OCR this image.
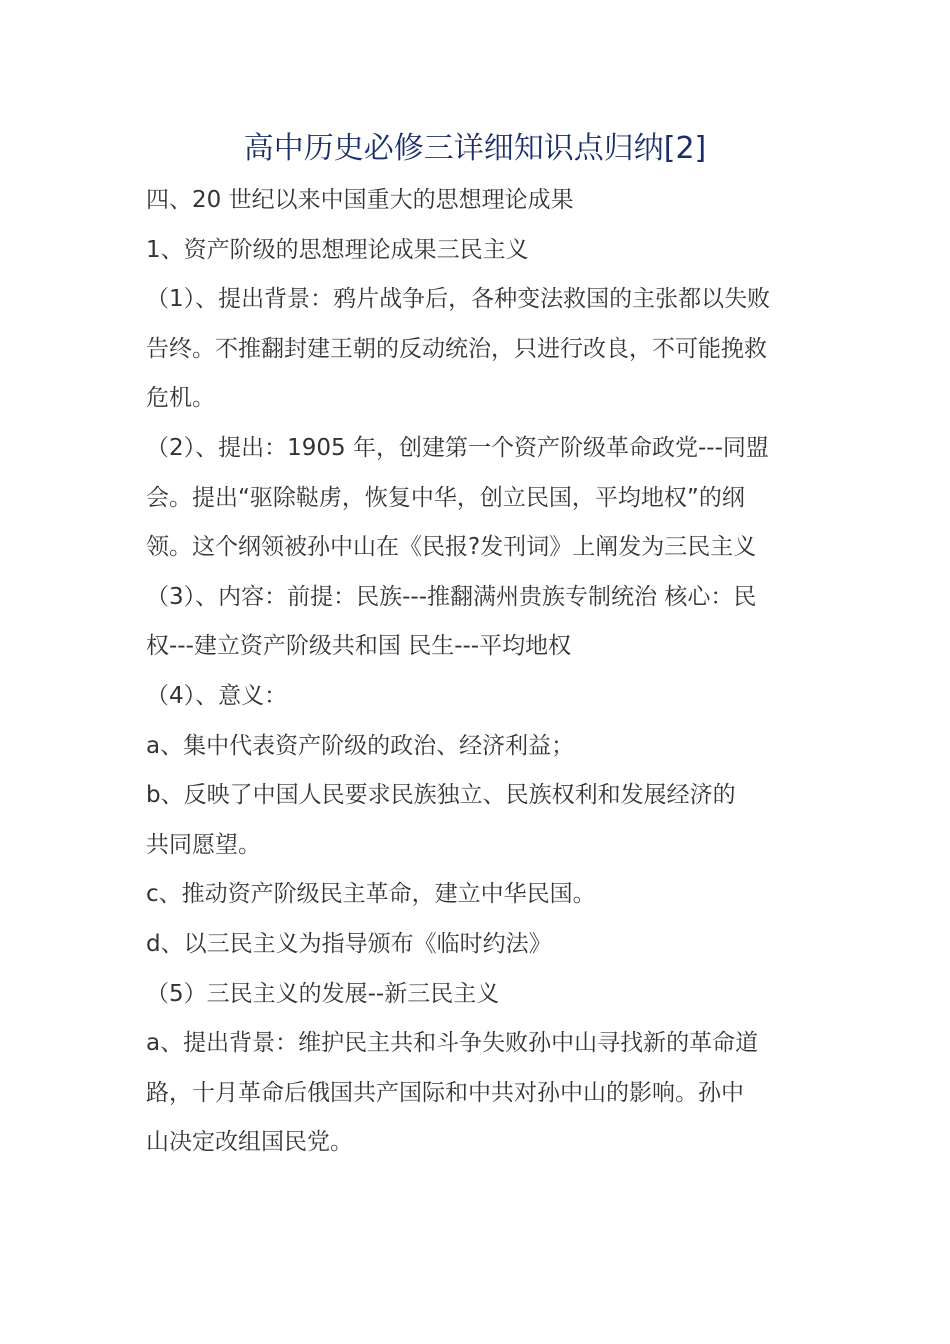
高中历史必修三详细知识点归纳[2]
四、20 世纪以来中国重大的思想理论成果
1、资产阶级的思想理论成果三民主义
（1）、提出背景：鸦片战争后，各种变法救国的主张都以失败
告终。不推翻封建王朝的反动统治，只进行改良，不可能挽救
危机。
（2）、提出：1905 年，创建第一个资产阶级革命政党---同盟
会。提出“驱除鞑虏，恢复中华，创立民国，平均地权”的纲
领。这个纲领被孙中山在《民报?发刊词》上阐发为三民主义
（3）、内容：前提：民族---推翻满州贵族专制统治 核心：民
权---建立资产阶级共和国 民生---平均地权
（4）、意义：
a、集中代表资产阶级的政治、经济利益；
b、反映了中国人民要求民族独立、民族权利和发展经济的
共同愿望。
c、推动资产阶级民主革命，建立中华民国。
d、以三民主义为指导颁布《临时约法》
（5）三民主义的发展--新三民主义
a、提出背景：维护民主共和斗争失败孙中山寻找新的革命道
路，十月革命后俄国共产国际和中共对孙中山的影响。孙中
山决定改组国民党。
